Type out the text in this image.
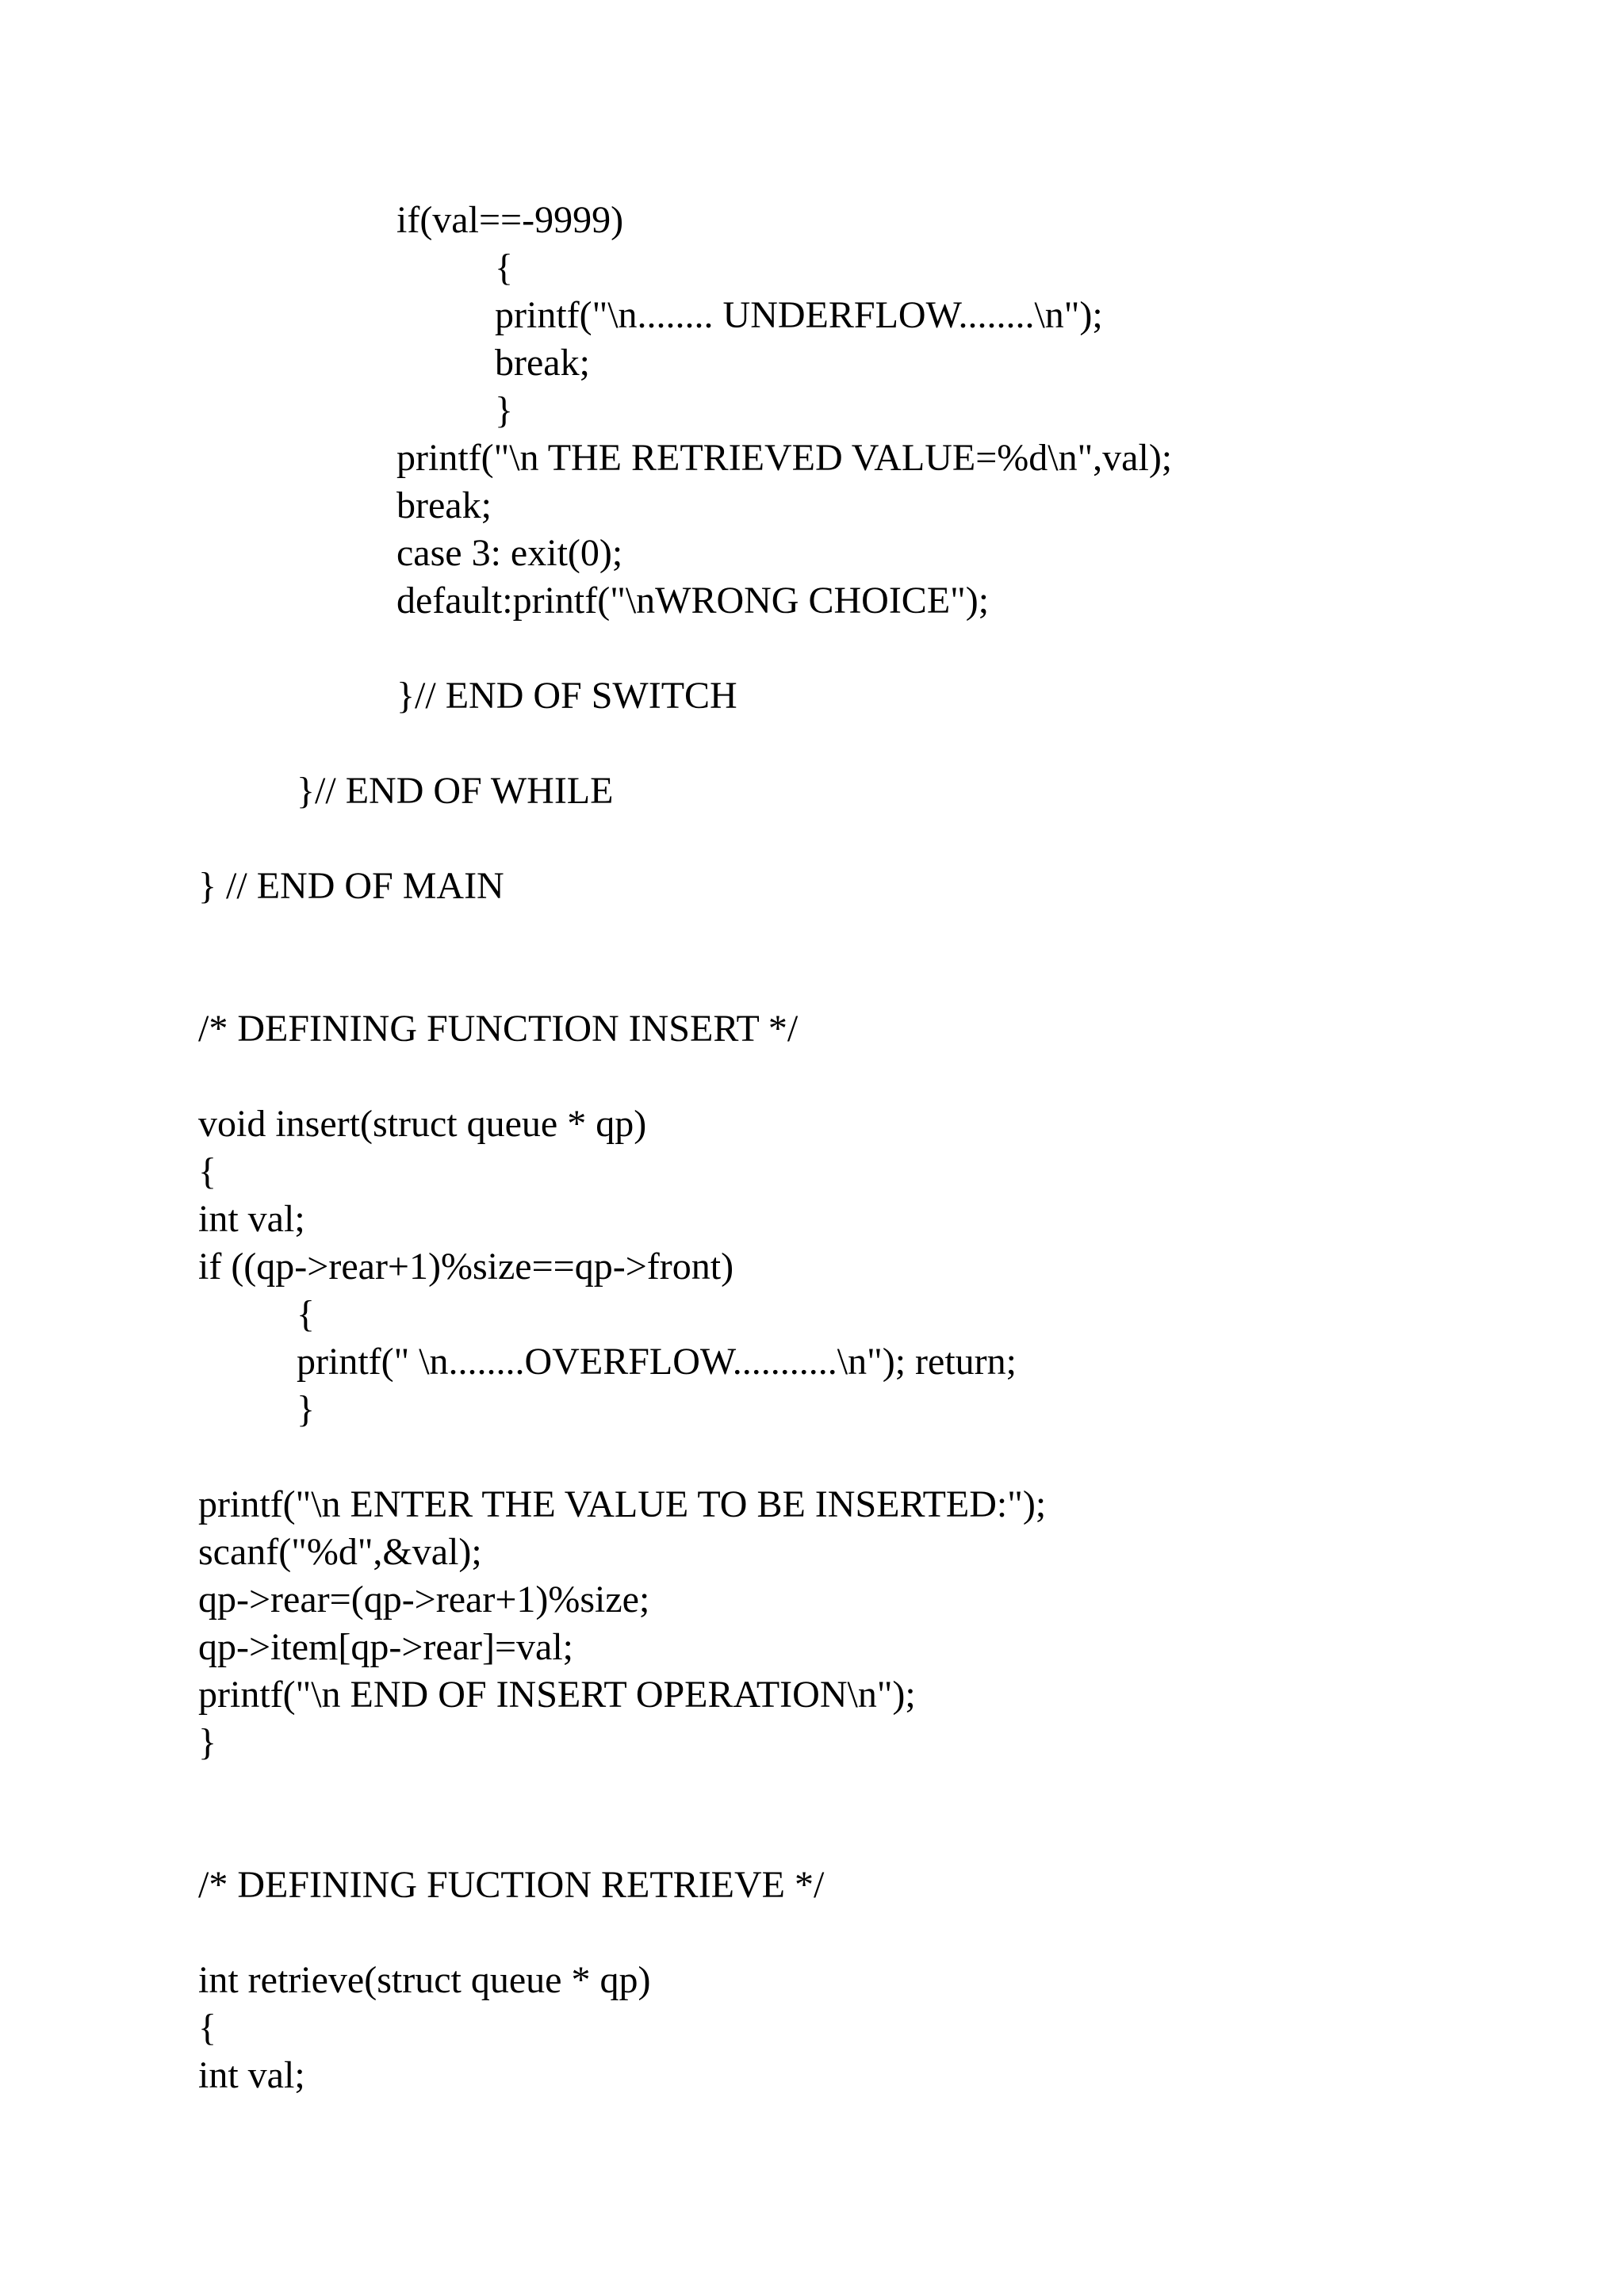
if(val==-9999)
{
printf("\n........ UNDERFLOW........\n");
break;
}
printf("\n THE RETRIEVED VALUE=%d\n",val);
break;
case 3: exit(0);
default:printf("\nWRONG CHOICE");
}// END OF SWITCH
}// END OF WHILE
} // END OF MAIN
/* DEFINING FUNCTION INSERT */
void insert(struct queue * qp)
{
int val;
if ((qp->rear+1)%size==qp->front)
{
printf(" \n........OVERFLOW...........\n"); return;
}
printf("\n ENTER THE VALUE TO BE INSERTED:");
scanf("%d",&val);
qp->rear=(qp->rear+1)%size;
qp->item[qp->rear]=val;
printf("\n END OF INSERT OPERATION\n");
}
/* DEFINING FUCTION RETRIEVE */
int retrieve(struct queue * qp)
{
int val;
